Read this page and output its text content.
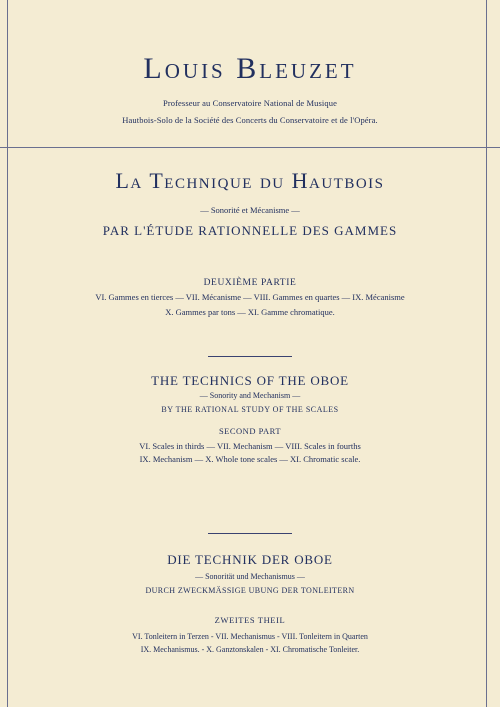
Louis Bleuzet
Professeur au Conservatoire National de Musique
Hautbois-Solo de la Société des Concerts du Conservatoire et de l'Opéra.
La Technique du Hautbois
— Sonorité et Mécanisme —
PAR L'ÉTUDE RATIONNELLE DES GAMMES
DEUXIÈME PARTIE
VI. Gammes en tierces — VII. Mécanisme — VIII. Gammes en quartes — IX. Mécanisme
X. Gammes par tons — XI. Gamme chromatique.
THE TECHNICS OF THE OBOE
— Sonority and Mechanism —
BY THE RATIONAL STUDY OF THE SCALES
SECOND PART
VI. Scales in thirds — VII. Mechanism — VIII. Scales in fourths
IX. Mechanism — X. Whole tone scales — XI. Chromatic scale.
DIE TECHNIK DER OBOE
— Sonorität und Mechanismus —
DURCH ZWECKMÄSSIGE UBUNG DER TONLEITERN
ZWEITES THEIL
VI. Tonleitern in Terzen - VII. Mechanismus - VIII. Tonleitern in Quarten
IX. Mechanismus. - X. Ganztonskalen - XI. Chromatische Tonleiter.
